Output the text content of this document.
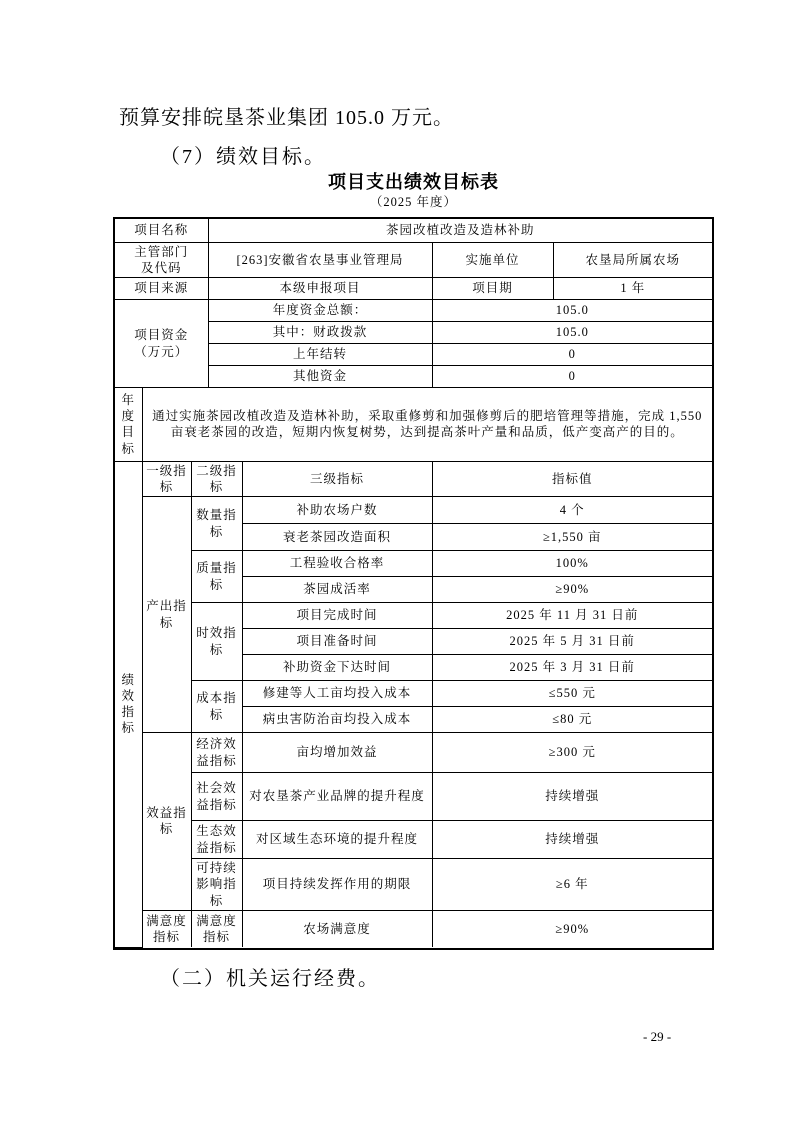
预算安排皖垦茶业集团 105.0 万元。

（7）绩效目标。

项目支出绩效目标表
（2025 年度）
项目名称	茶园改植改造及造林补助		
主管部门
及代码	[263]安徽省农垦事业管理局	实施单位	农垦局所属农场
项目来源	本级申报项目	项目期	1 年
项目资金
（万元）	年度资金总额：	105.0	
	其中：财政拨款	105.0	
	上年结转	0	
	其他资金	0	
年度目标	通过实施茶园改植改造及造林补助，采取重修剪和加强修剪后的肥培管理等措施，完成 1,550 亩衰老茶园的改造，短期内恢复树势，达到提高茶叶产量和品质，低产变高产的目的。
绩效指标	一级指标	二级指标	三级指标	指标值
	产出指标	数量指标	补助农场户数	4 个
			衰老茶园改造面积	≥1,550 亩
		质量指标	工程验收合格率	100%
			茶园成活率	≥90%
		时效指标	项目完成时间	2025 年 11 月 31 日前
			项目准备时间	2025 年 5 月 31 日前
			补助资金下达时间	2025 年 3 月 31 日前
		成本指标	修建等人工亩均投入成本	≤550 元
			病虫害防治亩均投入成本	≤80 元
	效益指标	经济效益指标	亩均增加效益	≥300 元
		社会效益指标	对农垦茶产业品牌的提升程度	持续增强
		生态效益指标	对区域生态环境的提升程度	持续增强
		可持续影响指标	项目持续发挥作用的期限	≥6 年
	满意度指标	满意度指标	农场满意度	≥90%

（二）机关运行经费。

- 29 -
